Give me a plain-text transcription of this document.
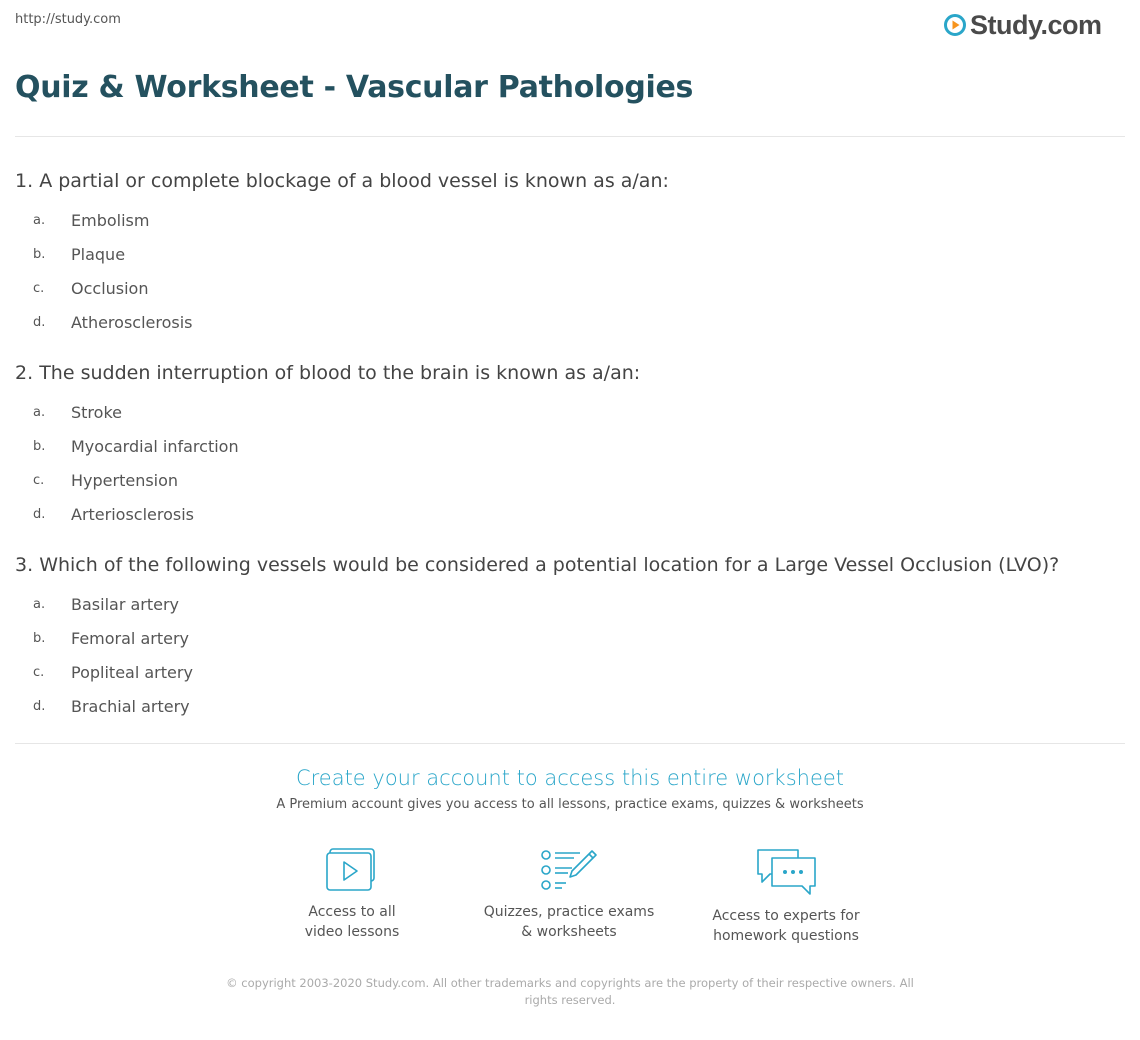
http://study.com	Study.com
Quiz & Worksheet - Vascular Pathologies
1. A partial or complete blockage of a blood vessel is known as a/an:
a.	Embolism
b.	Plaque
c.	Occlusion
d.	Atherosclerosis
2. The sudden interruption of blood to the brain is known as a/an:
a.	Stroke
b.	Myocardial infarction
c.	Hypertension
d.	Arteriosclerosis
3. Which of the following vessels would be considered a potential location for a Large Vessel Occlusion (LVO)?
a.	Basilar artery
b.	Femoral artery
c.	Popliteal artery
d.	Brachial artery
Create your account to access this entire worksheet
A Premium account gives you access to all lessons, practice exams, quizzes & worksheets
Access to all
video lessons
Quizzes, practice exams
& worksheets
Access to experts for
homework questions
© copyright 2003-2020 Study.com. All other trademarks and copyrights are the property of their respective owners. All rights reserved.
